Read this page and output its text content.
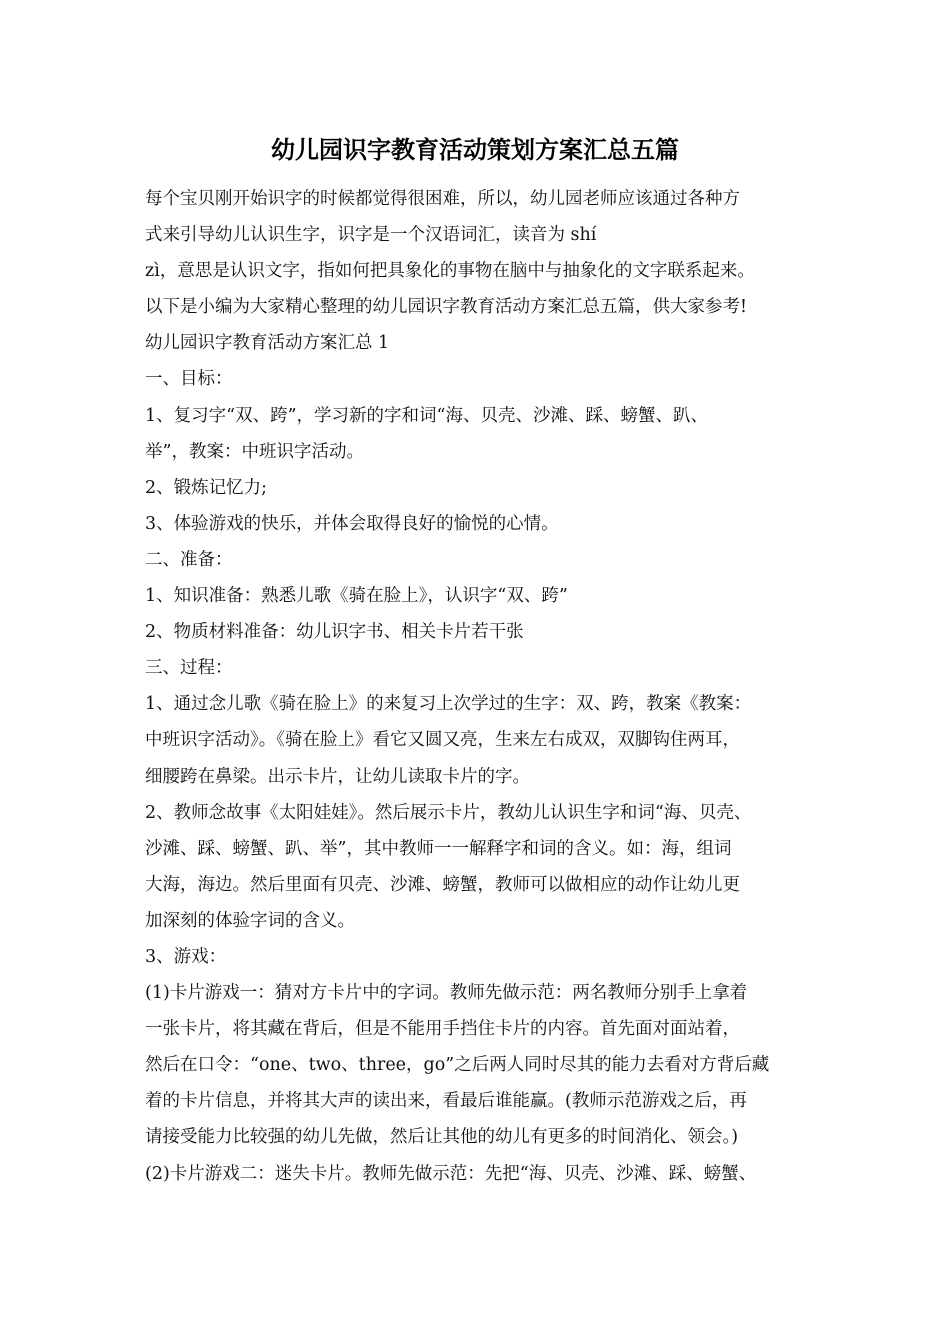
幼儿园识字教育活动策划方案汇总五篇

每个宝贝刚开始识字的时候都觉得很困难，所以，幼儿园老师应该通过各种方

式来引导幼儿认识生字，识字是一个汉语词汇，读音为 shí

zì，意思是认识文字，指如何把具象化的事物在脑中与抽象化的文字联系起来。

以下是小编为大家精心整理的幼儿园识字教育活动方案汇总五篇，供大家参考!

幼儿园识字教育活动方案汇总 1

一、目标：

1、复习字“双、跨”，学习新的字和词“海、贝壳、沙滩、踩、螃蟹、趴、

举”，教案：中班识字活动。

2、锻炼记忆力;

3、体验游戏的快乐，并体会取得良好的愉悦的心情。

二、准备：

1、知识准备：熟悉儿歌《骑在脸上》，认识字“双、跨”

2、物质材料准备：幼儿识字书、相关卡片若干张

三、过程：

1、通过念儿歌《骑在脸上》的来复习上次学过的生字：双、跨，教案《教案：

中班识字活动》。《骑在脸上》看它又圆又亮，生来左右成双，双脚钩住两耳，

细腰跨在鼻梁。出示卡片，让幼儿读取卡片的字。

2、教师念故事《太阳娃娃》。然后展示卡片，教幼儿认识生字和词“海、贝壳、

沙滩、踩、螃蟹、趴、举”，其中教师一一解释字和词的含义。如：海，组词

大海，海边。然后里面有贝壳、沙滩、螃蟹，教师可以做相应的动作让幼儿更

加深刻的体验字词的含义。

3、游戏：

(1)卡片游戏一：猜对方卡片中的字词。教师先做示范：两名教师分别手上拿着

一张卡片，将其藏在背后，但是不能用手挡住卡片的内容。首先面对面站着，

然后在口令：“one、two、three，go”之后两人同时尽其的能力去看对方背后藏

着的卡片信息，并将其大声的读出来，看最后谁能赢。(教师示范游戏之后，再

请接受能力比较强的幼儿先做，然后让其他的幼儿有更多的时间消化、领会。)

(2)卡片游戏二：迷失卡片。教师先做示范：先把“海、贝壳、沙滩、踩、螃蟹、
